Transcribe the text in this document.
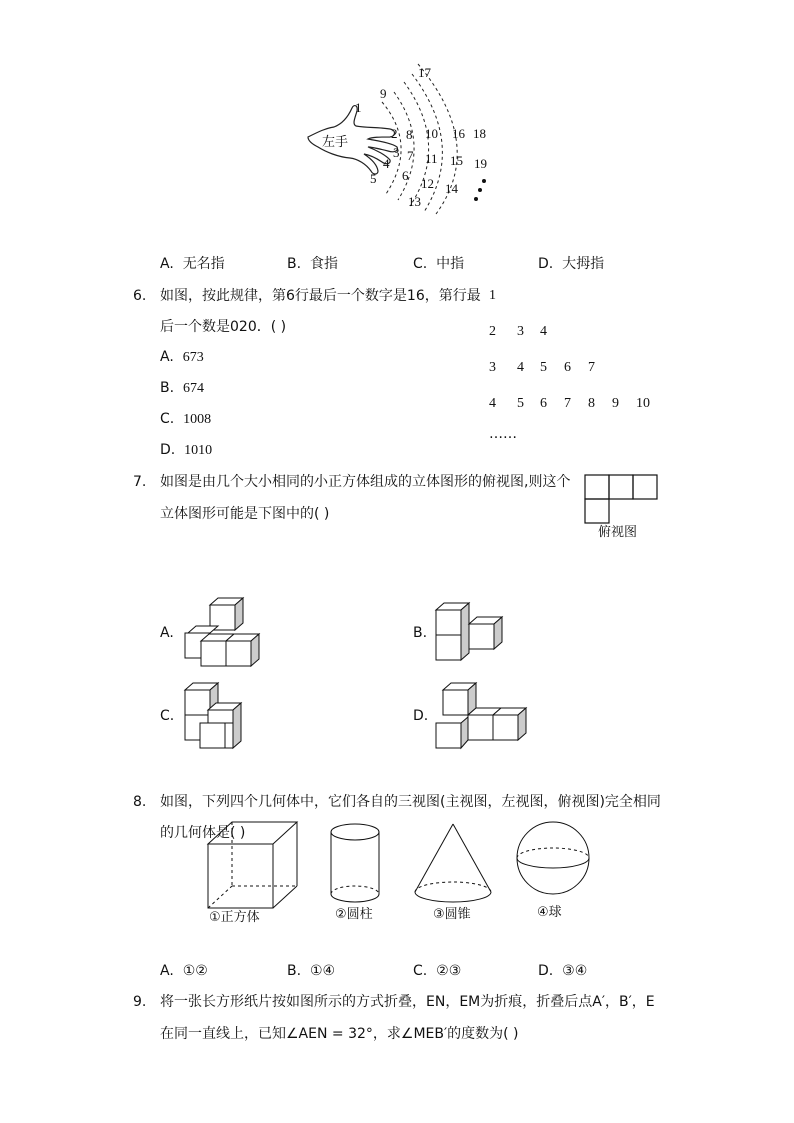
左手
1
2
3
4
5 6
7
8
9
10
11
12
13
14
15
16
17
18
19
A. 无名指	B. 食指	C. 中指	D. 大拇指
6. 如图，按此规律，第6行最后一个数字是16，第行最
后一个数是020．( )
A. 673
B. 674
C. 1008
D. 1010
1
2 3 4
3 4 5 6 7
4 5 6 7 8 9 10
……
7. 如图是由几个大小相同的小正方体组成的立体图形的俯视图,则这个
立体图形可能是下图中的( )
俯视图
A.	B.
C.	D.
8. 如图，下列四个几何体中，它们各自的三视图(主视图，左视图，俯视图)完全相同
的几何体是( )
①正方体	②圆柱	③圆锥	④球
A. ①②	B. ①④	C. ②③	D. ③④
9. 将一张长方形纸片按如图所示的方式折叠，EN，EM为折痕，折叠后点A′，B′，E
在同一直线上，已知∠AEN = 32°，求∠MEB′的度数为( )
